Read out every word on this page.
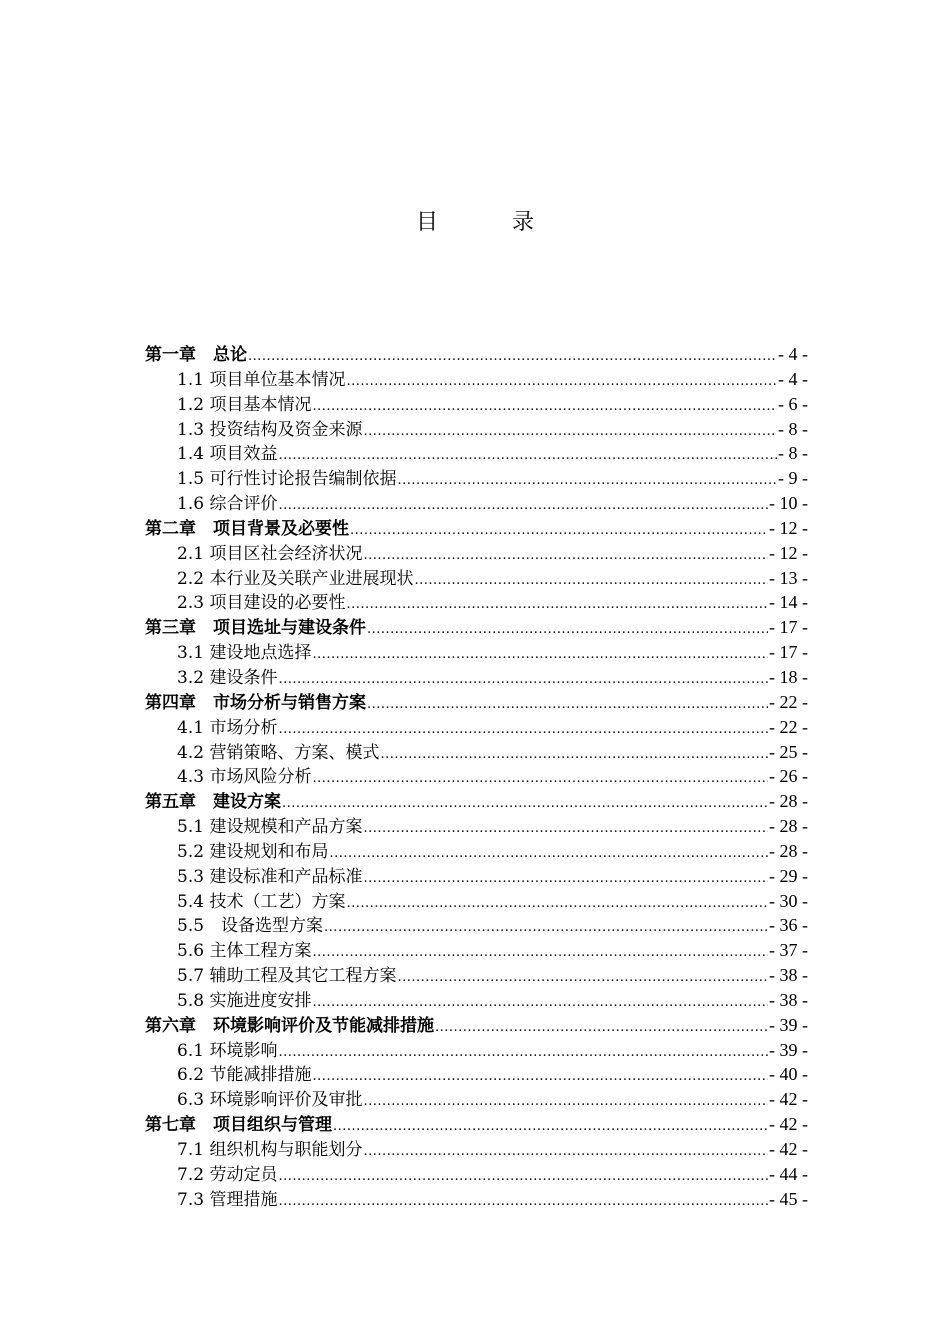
目　录
第一章　总论 .....	- 4 -
1.1 项目单位基本情况 .....	- 4 -
1.2 项目基本情况 .....	- 6 -
1.3 投资结构及资金来源 .....	- 8 -
1.4 项目效益 .....	- 8 -
1.5 可行性讨论报告编制依据 .....	- 9 -
1.6 综合评价 .....	- 10 -
第二章　项目背景及必要性 .....	- 12 -
2.1 项目区社会经济状况 .....	- 12 -
2.2 本行业及关联产业进展现状 .....	- 13 -
2.3 项目建设的必要性 .....	- 14 -
第三章　项目选址与建设条件 .....	- 17 -
3.1 建设地点选择 .....	- 17 -
3.2 建设条件 .....	- 18 -
第四章　市场分析与销售方案 .....	- 22 -
4.1 市场分析 .....	- 22 -
4.2 营销策略、方案、模式 .....	- 25 -
4.3 市场风险分析 .....	- 26 -
第五章　建设方案 .....	- 28 -
5.1 建设规模和产品方案 .....	- 28 -
5.2 建设规划和布局 .....	- 28 -
5.3 建设标准和产品标准 .....	- 29 -
5.4 技术（工艺）方案 .....	- 30 -
5.5　设备选型方案 .....	- 36 -
5.6 主体工程方案 .....	- 37 -
5.7 辅助工程及其它工程方案 .....	- 38 -
5.8 实施进度安排 .....	- 38 -
第六章　环境影响评价及节能减排措施 .....	- 39 -
6.1 环境影响 .....	- 39 -
6.2 节能减排措施 .....	- 40 -
6.3 环境影响评价及审批 .....	- 42 -
第七章　项目组织与管理 .....	- 42 -
7.1 组织机构与职能划分 .....	- 42 -
7.2 劳动定员 .....	- 44 -
7.3 管理措施 .....	- 45 -
